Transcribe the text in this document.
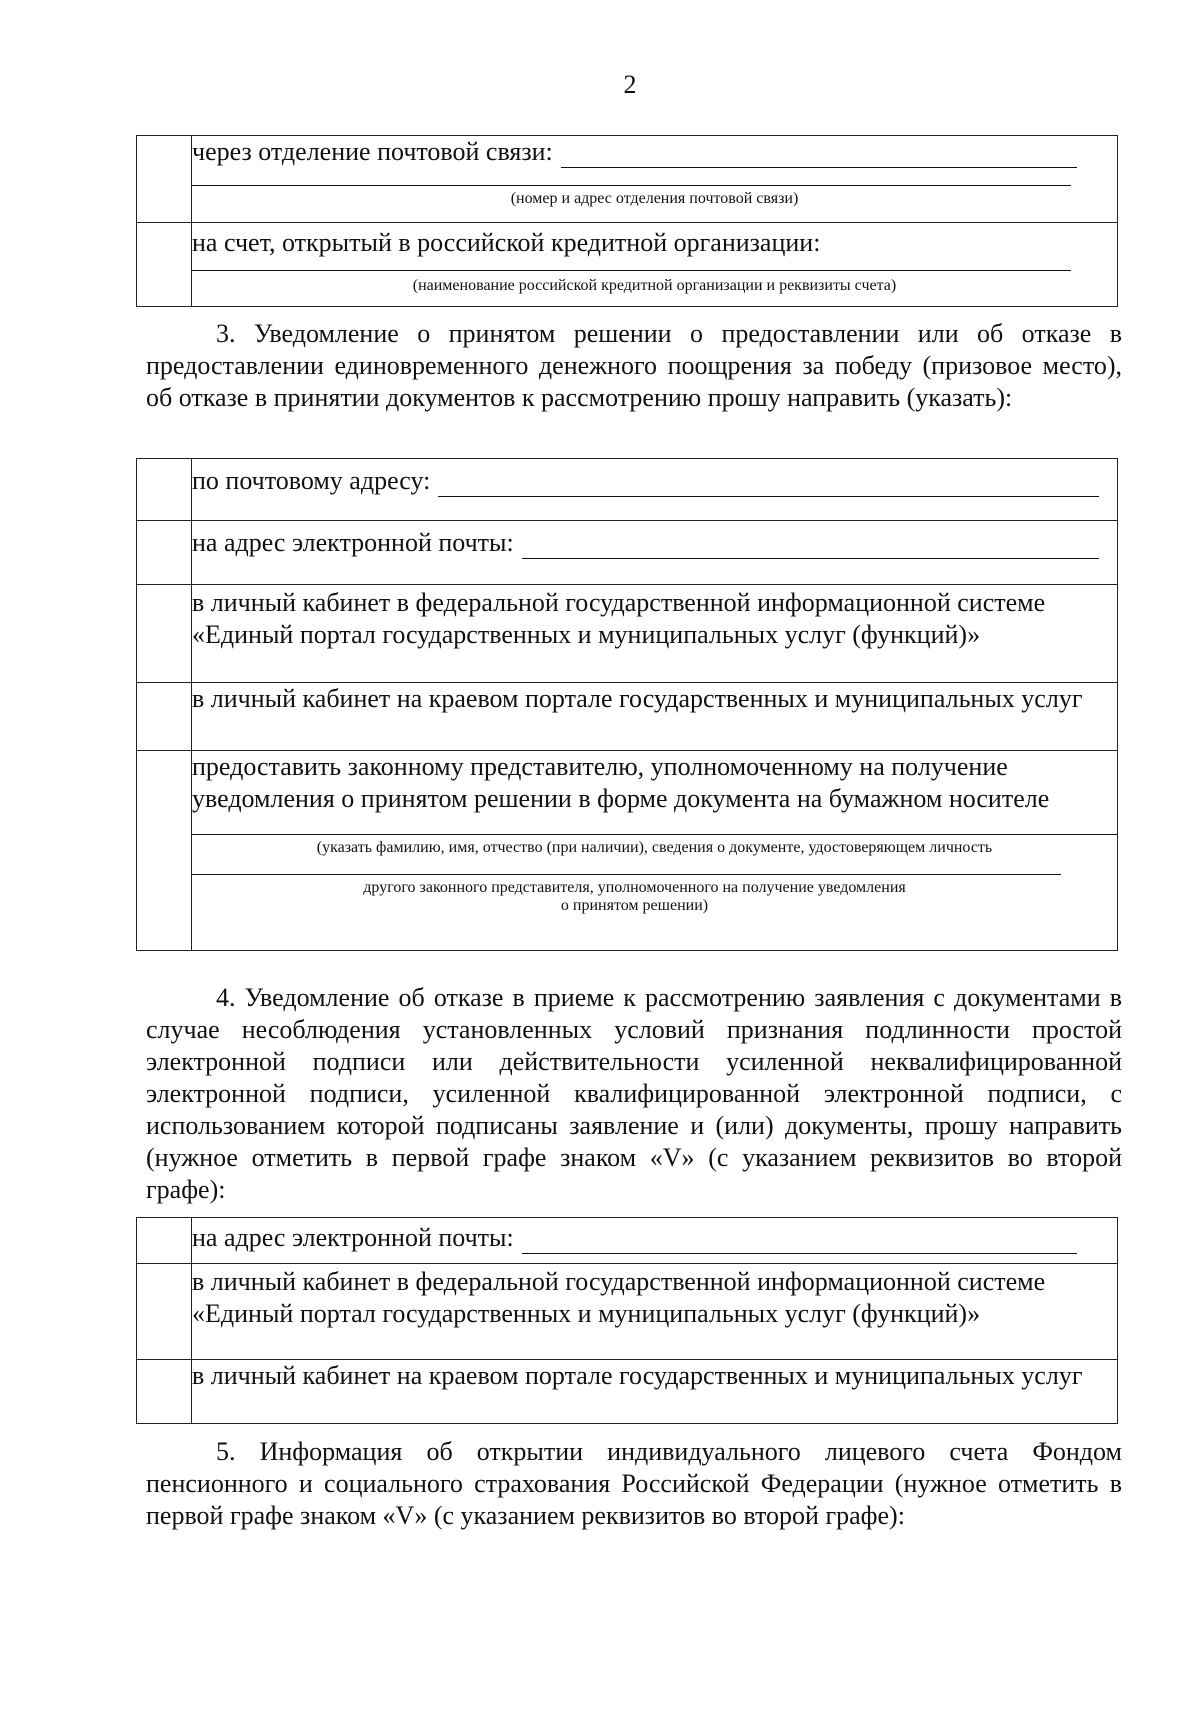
2

	через отделение почтовой связи:
(номер и адрес отделения почтовой связи)

	на счет, открытый в российской кредитной организации:
(наименование российской кредитной организации и реквизиты счета)
3. Уведомление о принятом решении о предоставлении или об отказе в предоставлении единовременного денежного поощрения за победу (призовое место), об отказе в принятии документов к рассмотрению прошу направить (указать):

	по почтовому адресу:

	на адрес электронной почты:

	в личный кабинет в федеральной государственной информационной системе «Единый портал государственных и муниципальных услуг (функций)»

	в личный кабинет на краевом портале государственных и муниципальных услуг

	предоставить законному представителю, уполномоченному на получение уведомления о принятом решении в форме документа на бумажном носителе
(указать фамилию, имя, отчество (при наличии), сведения о документе, удостоверяющем личность
другого законного представителя, уполномоченного на получение уведомления
о принятом решении)
4. Уведомление об отказе в приеме к рассмотрению заявления с документами в случае несоблюдения установленных условий признания подлинности простой электронной подписи или действительности усиленной неквалифицированной электронной подписи, усиленной квалифицированной электронной подписи, с использованием которой подписаны заявление и (или) документы, прошу направить (нужное отметить в первой графе знаком «V» (с указанием реквизитов во второй графе):

	на адрес электронной почты:

	в личный кабинет в федеральной государственной информационной системе «Единый портал государственных и муниципальных услуг (функций)»

	в личный кабинет на краевом портале государственных и муниципальных услуг
5. Информация об открытии индивидуального лицевого счета Фондом пенсионного и социального страхования Российской Федерации (нужное отметить в первой графе знаком «V» (с указанием реквизитов во второй графе):
